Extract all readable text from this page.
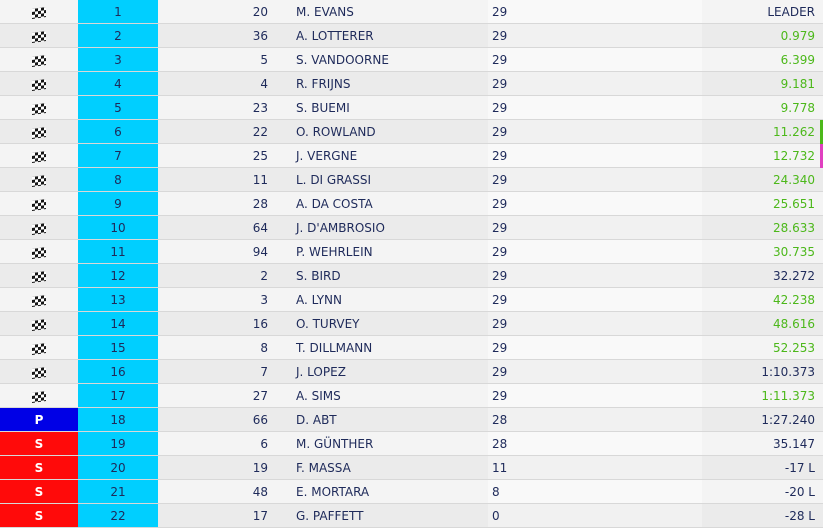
1	20	M. EVANS	29	LEADER
2	36	A. LOTTERER	29	0.979
3	5	S. VANDOORNE	29	6.399
4	4	R. FRIJNS	29	9.181
5	23	S. BUEMI	29	9.778
6	22	O. ROWLAND	29	11.262
7	25	J. VERGNE	29	12.732
8	11	L. DI GRASSI	29	24.340
9	28	A. DA COSTA	29	25.651
10	64	J. D'AMBROSIO	29	28.633
11	94	P. WEHRLEIN	29	30.735
12	2	S. BIRD	29	32.272
13	3	A. LYNN	29	42.238
14	16	O. TURVEY	29	48.616
15	8	T. DILLMANN	29	52.253
16	7	J. LOPEZ	29	1:10.373
17	27	A. SIMS	29	1:11.373
P	18	66	D. ABT	28	1:27.240
S	19	6	M. GÜNTHER	28	35.147
S	20	19	F. MASSA	11	-17 L
S	21	48	E. MORTARA	8	-20 L
S	22	17	G. PAFFETT	0	-28 L
